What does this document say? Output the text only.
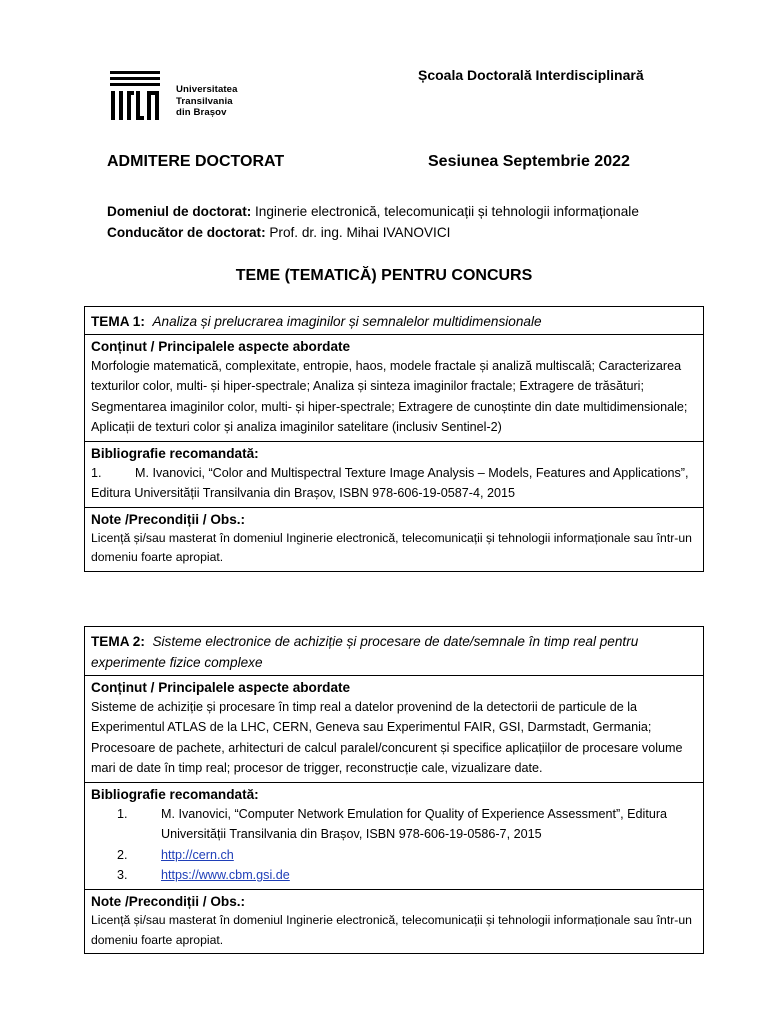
Universitatea
Transilvania
din Brașov
Școala Doctorală Interdisciplinară
ADMITERE DOCTORAT	Sesiunea Septembrie 2022
Domeniul de doctorat: Inginerie electronică, telecomunicații și tehnologii informaționale
Conducător de doctorat: Prof. dr. ing. Mihai IVANOVICI
TEME (TEMATICĂ) PENTRU CONCURS
TEMA 1: Analiza și prelucrarea imaginilor și semnalelor multidimensionale
Conținut / Principalele aspecte abordate
Morfologie matematică, complexitate, entropie, haos, modele fractale și analiză multiscală; Caracterizarea texturilor color, multi- și hiper-spectrale; Analiza și sinteza imaginilor fractale; Extragere de trăsături; Segmentarea imaginilor color, multi- și hiper-spectrale; Extragere de cunoștinte din date multidimensionale; Aplicații de texturi color și analiza imaginilor satelitare (inclusiv Sentinel-2)
Bibliografie recomandată:
1.	M. Ivanovici, “Color and Multispectral Texture Image Analysis – Models, Features and Applications”, Editura Universității Transilvania din Brașov, ISBN 978-606-19-0587-4, 2015
Note /Precondiții / Obs.:
Licență și/sau masterat în domeniul Inginerie electronică, telecomunicații și tehnologii informaționale sau într-un domeniu foarte apropiat.
TEMA 2: Sisteme electronice de achiziție și procesare de date/semnale în timp real pentru experimente fizice complexe
Conținut / Principalele aspecte abordate
Sisteme de achiziție și procesare în timp real a datelor provenind de la detectorii de particule de la Experimentul ATLAS de la LHC, CERN, Geneva sau Experimentul FAIR, GSI, Darmstadt, Germania; Procesoare de pachete, arhitecturi de calcul paralel/concurent și specifice aplicațiilor de procesare volume mari de date în timp real; procesor de trigger, reconstrucție cale, vizualizare date.
Bibliografie recomandată:
1.	M. Ivanovici, “Computer Network Emulation for Quality of Experience Assessment”, Editura Universității Transilvania din Brașov, ISBN 978-606-19-0586-7, 2015
2.	http://cern.ch
3.	https://www.cbm.gsi.de
Note /Precondiții / Obs.:
Licență și/sau masterat în domeniul Inginerie electronică, telecomunicații și tehnologii informaționale sau într-un domeniu foarte apropiat.
